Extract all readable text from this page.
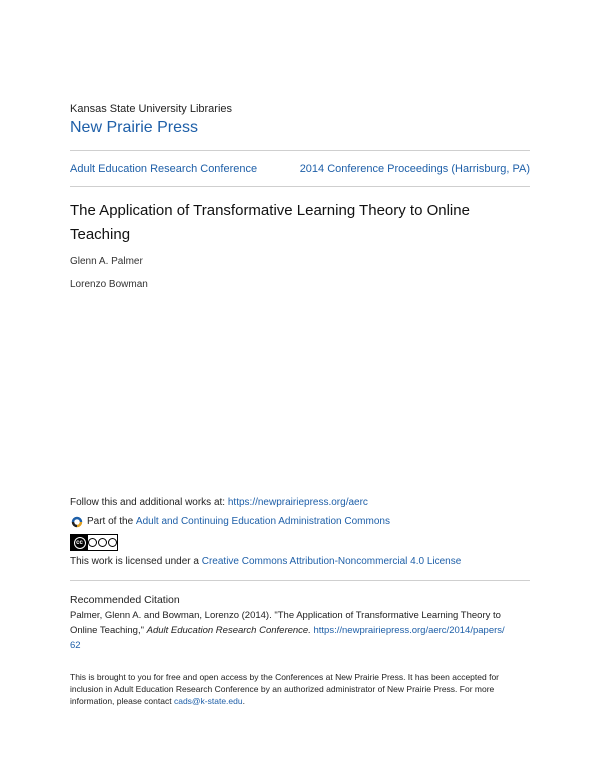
Kansas State University Libraries
New Prairie Press
Adult Education Research Conference	2014 Conference Proceedings (Harrisburg, PA)
The Application of Transformative Learning Theory to Online Teaching
Glenn A. Palmer
Lorenzo Bowman
Follow this and additional works at: https://newprairiepress.org/aerc
Part of the
Adult and Continuing Education Administration Commons
cc
This work is licensed under a Creative Commons Attribution-Noncommercial 4.0 License
Recommended Citation
Palmer, Glenn A. and Bowman, Lorenzo (2014). "The Application of Transformative Learning Theory to Online Teaching," Adult Education Research Conference. https://newprairiepress.org/aerc/2014/papers/
62
This is brought to you for free and open access by the Conferences at New Prairie Press. It has been accepted for inclusion in Adult Education Research Conference by an authorized administrator of New Prairie Press. For more information, please contact cads@k-state.edu.
